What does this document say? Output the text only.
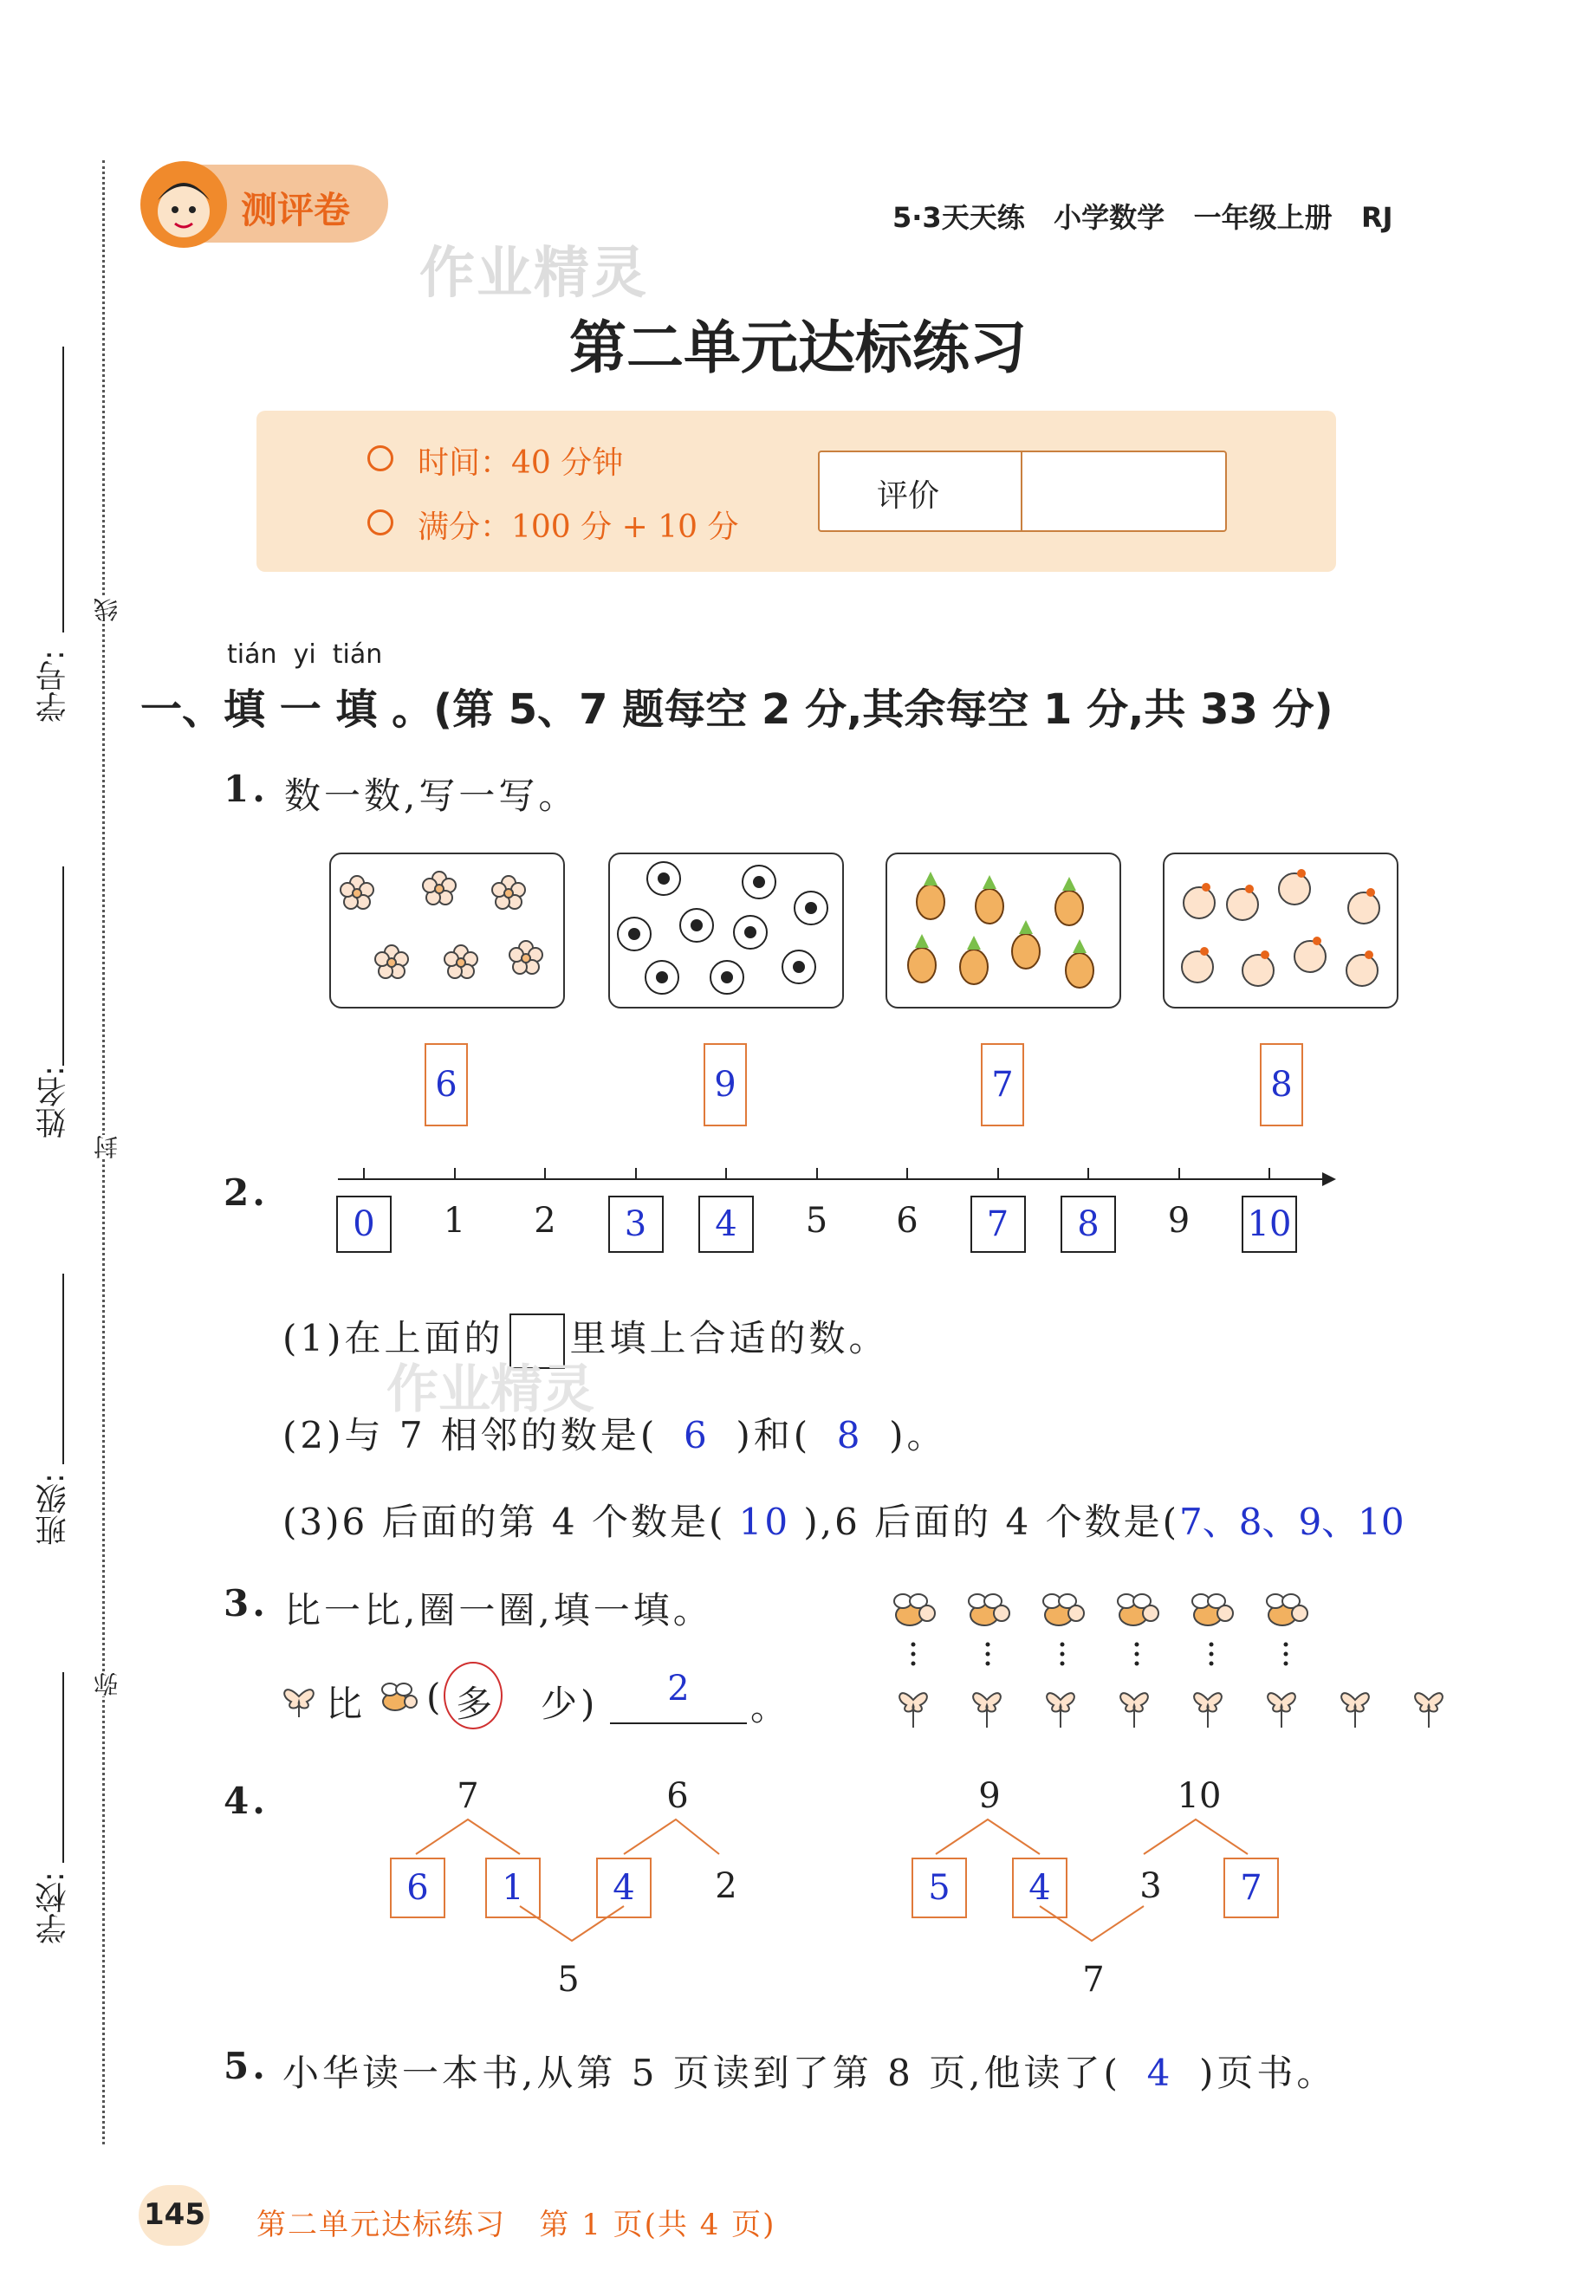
学号:
线
姓名:
封
班级:
弥
学校:
测评卷
作业精灵
5·3天天练 小学数学 一年级上册 RJ
第二单元达标练习
时间：40 分钟
满分：100 分 + 10 分
评价
tián  yi  tián
一、填 一 填 。(第 5、7 题每空 2 分,其余每空 1 分,共 33 分)
1. 数一数,写一写。
6	9	7	8
2.
0	1	2	3	4	5	6	7	8	9	10
(1)在上面的 里填上合适的数。
作业精灵
(2)与 7 相邻的数是( 6 )和( 8 )。
(3)6 后面的第 4 个数是( 10 ),6 后面的 4 个数是(7、8、9、10
3. 比一比,圈一圈,填一填。
比 ( 多 少)	2	。
4.	7	6
6	1	4	2
5
9	10
5	4	3	7
7
5. 小华读一本书,从第 5 页读到了第 8 页,他读了( 4 )页书。
145 第二单元达标练习   第 1 页(共 4 页)
